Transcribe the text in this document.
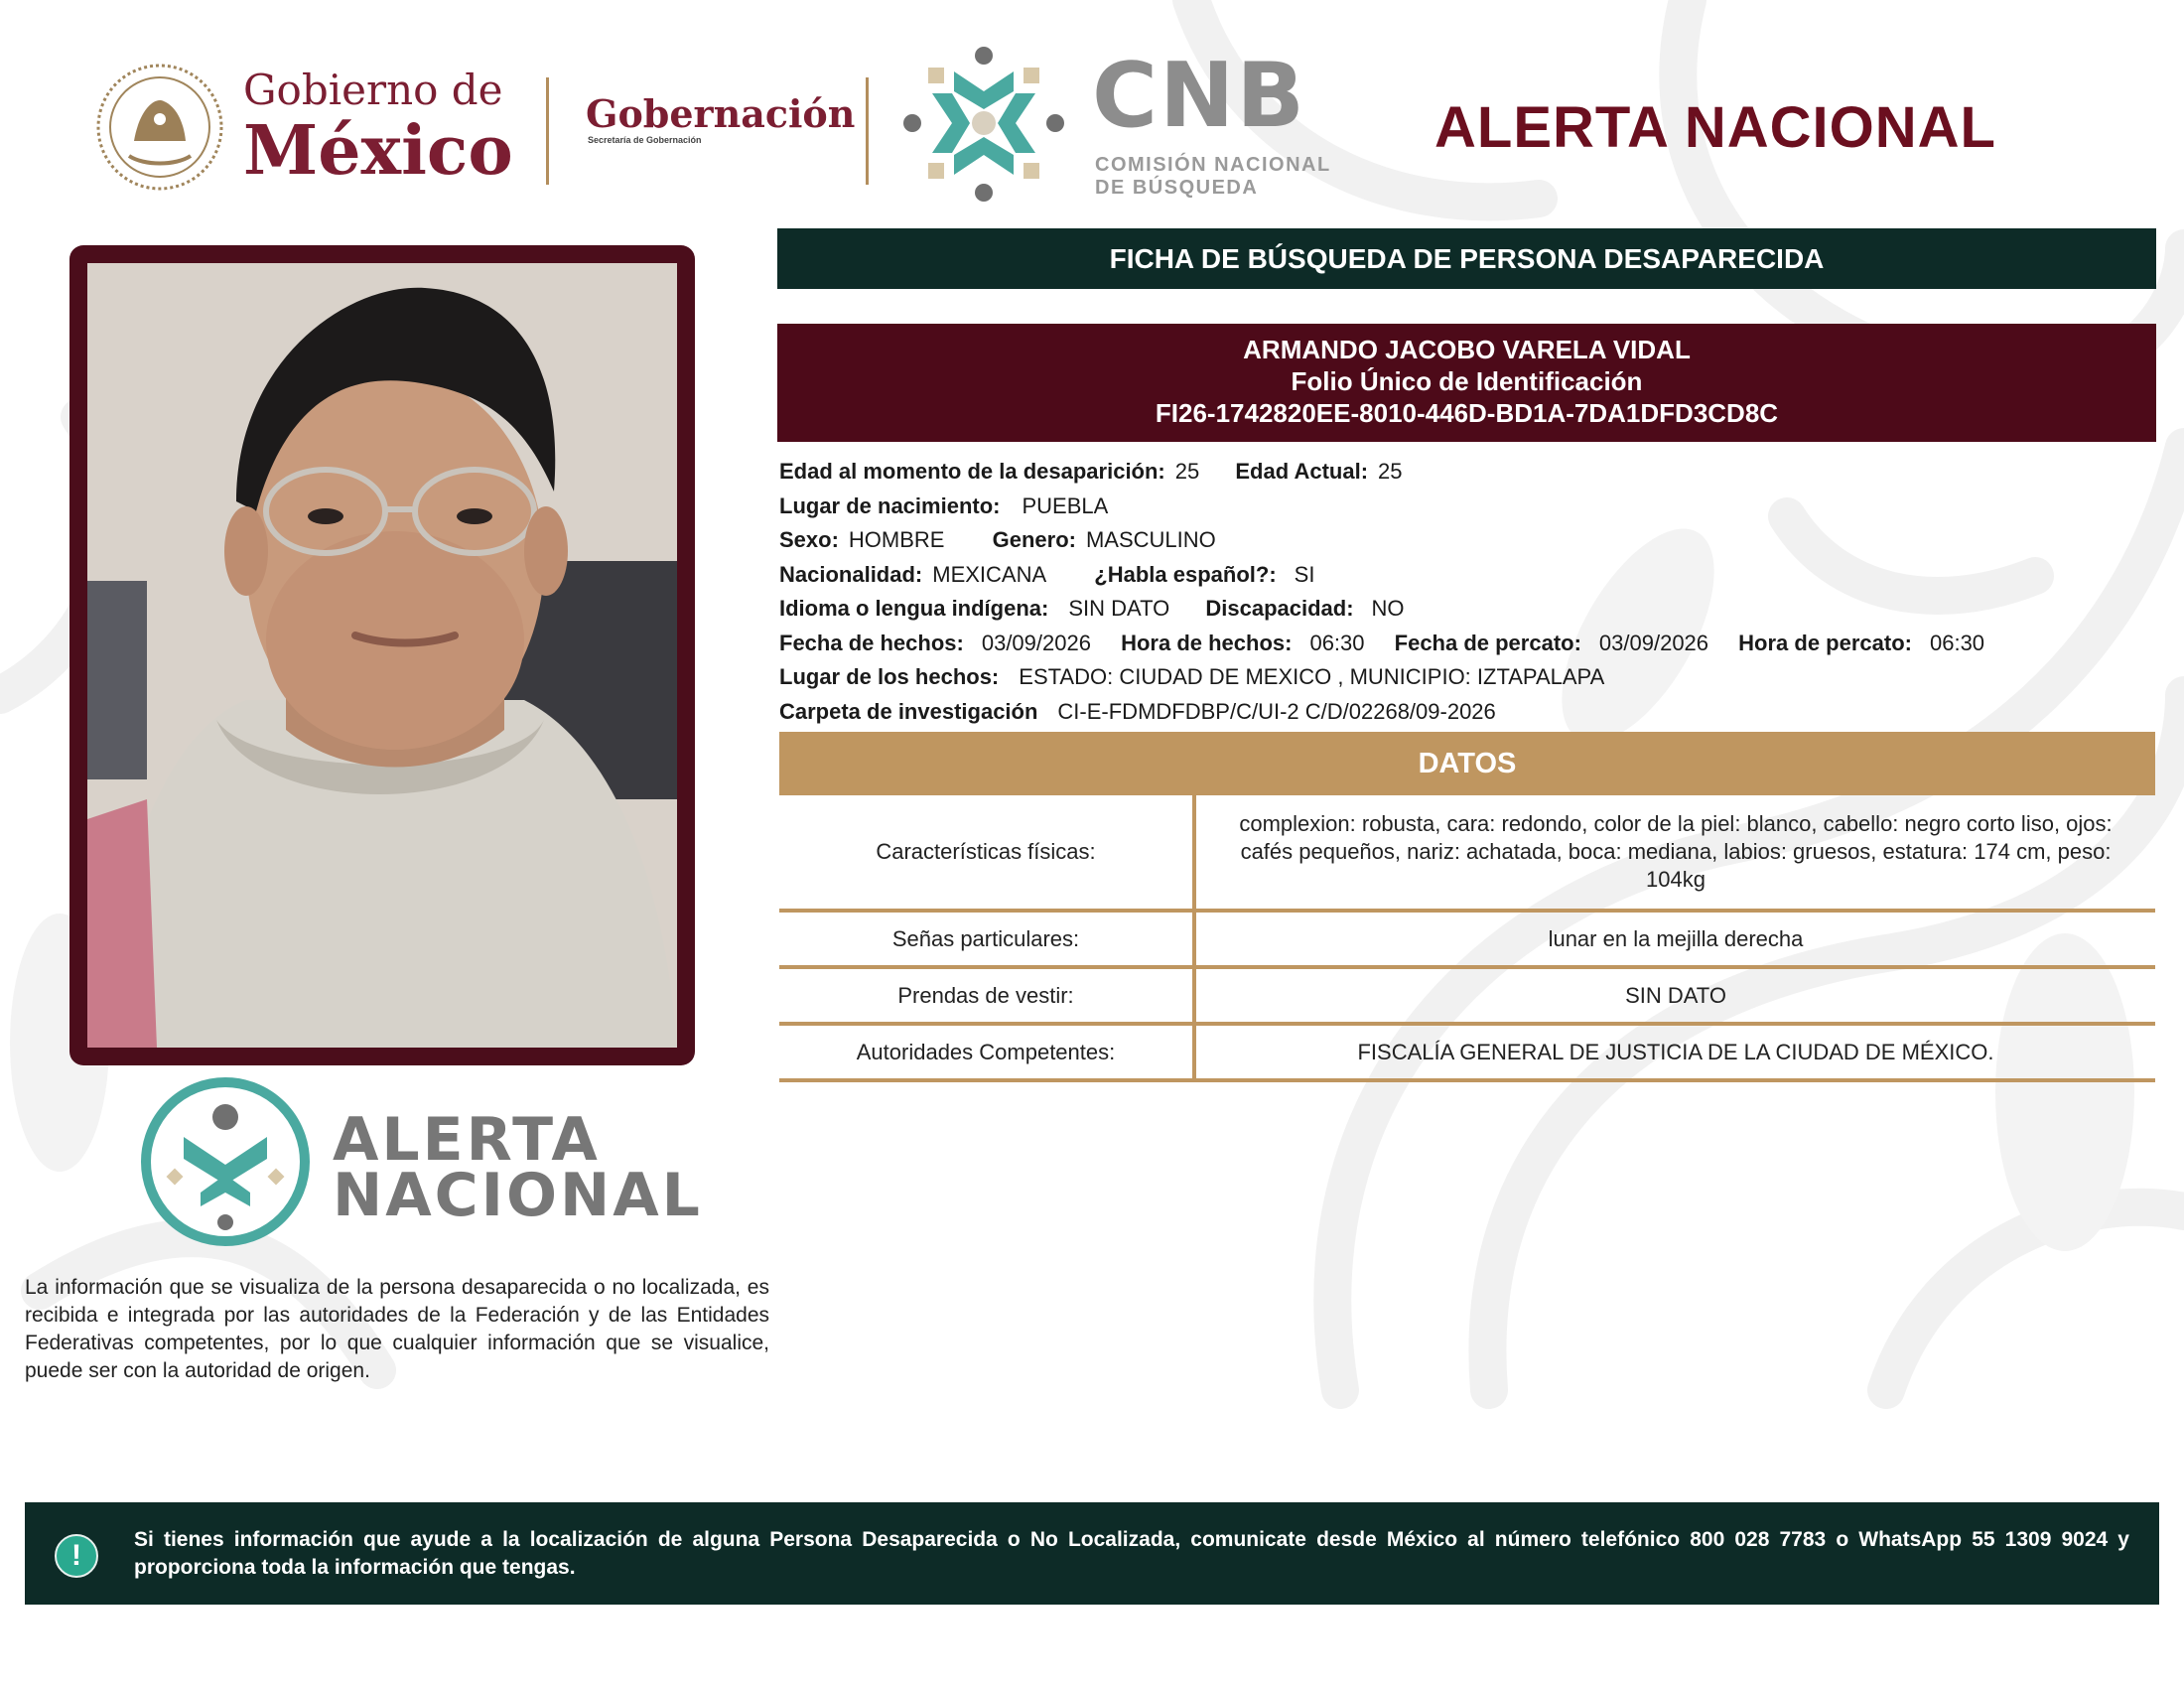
Gobierno de
México Gobernación
Secretaría de Gobernación	CNB
COMISIÓN NACIONAL
DE BÚSQUEDA
ALERTA NACIONAL
FICHA DE BÚSQUEDA DE PERSONA DESAPARECIDA
ARMANDO JACOBO VARELA VIDAL
Folio Único de Identificación
FI26-1742820EE-8010-446D-BD1A-7DA1DFD3CD8C
Edad al momento de la desaparición: 25 Edad Actual: 25
Lugar de nacimiento: PUEBLA
Sexo: HOMBRE Genero: MASCULINO
Nacionalidad: MEXICANA ¿Habla español?: SI
Idioma o lengua indígena: SIN DATO Discapacidad: NO
Fecha de hechos: 03/09/2026 Hora de hechos: 06:30 Fecha de percato: 03/09/2026 Hora de percato: 06:30
Lugar de los hechos: ESTADO: CIUDAD DE MEXICO , MUNICIPIO: IZTAPALAPA
Carpeta de investigación CI-E-FDMDFDBP/C/UI-2 C/D/02268/09-2026
DATOS
Características físicas:	complexion: robusta, cara: redondo, color de la piel: blanco, cabello: negro corto liso, ojos: cafés pequeños, nariz: achatada, boca: mediana, labios: gruesos, estatura: 174 cm, peso: 104kg
Señas particulares:	lunar en la mejilla derecha
Prendas de vestir:	SIN DATO
Autoridades Competentes:	FISCALÍA GENERAL DE JUSTICIA DE LA CIUDAD DE MÉXICO.
ALERTA
NACIONAL
La información que se visualiza de la persona desaparecida o no localizada, es recibida e integrada por las autoridades de la Federación y de las Entidades Federativas competentes, por lo que cualquier información que se visualice, puede ser con la autoridad de origen.
!	Si tienes información que ayude a la localización de alguna Persona Desaparecida o No Localizada, comunicate desde México al número telefónico 800 028 7783 o WhatsApp 55 1309 9024 y proporciona toda la información que tengas.
